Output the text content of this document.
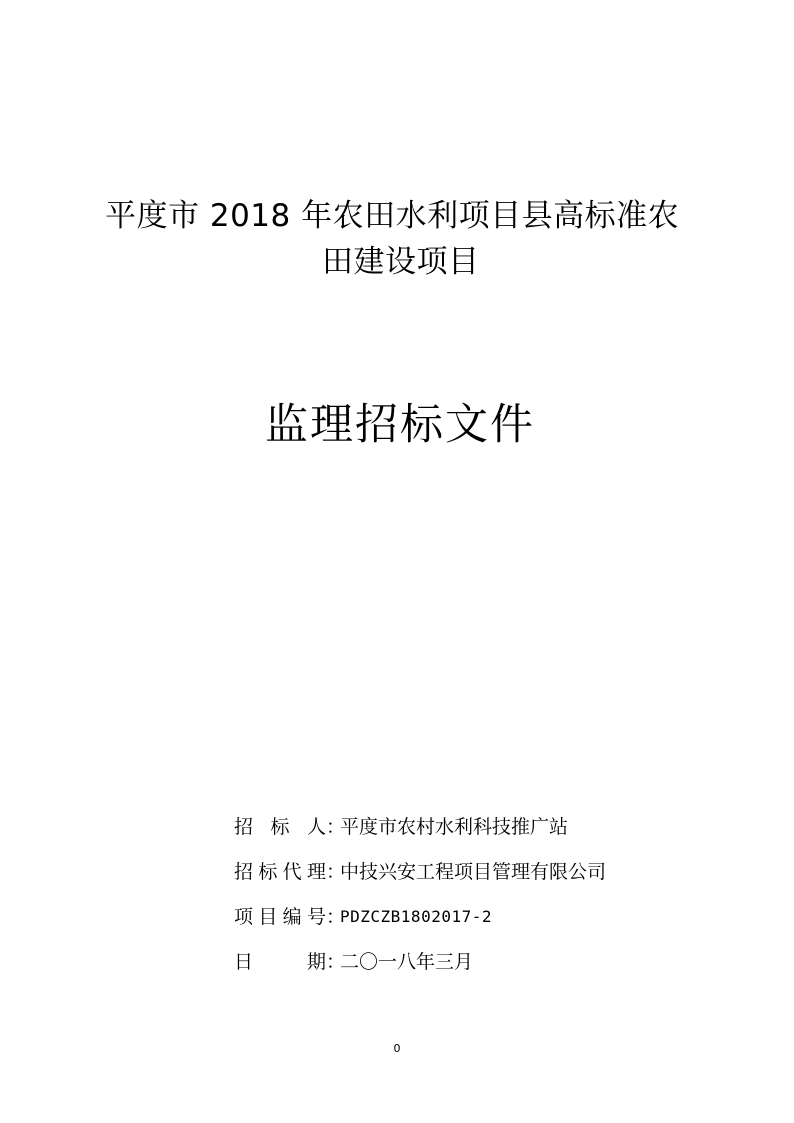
平度市 2018 年农田水利项目县高标准农
田建设项目
监理招标文件
招 标 人 ：
平度市农村水利科技推广站
招标代理 ：
中技兴安工程项目管理有限公司
项目编号 ：
PDZCZB1802017-2
日 期 ：
二〇一八年三月
0
